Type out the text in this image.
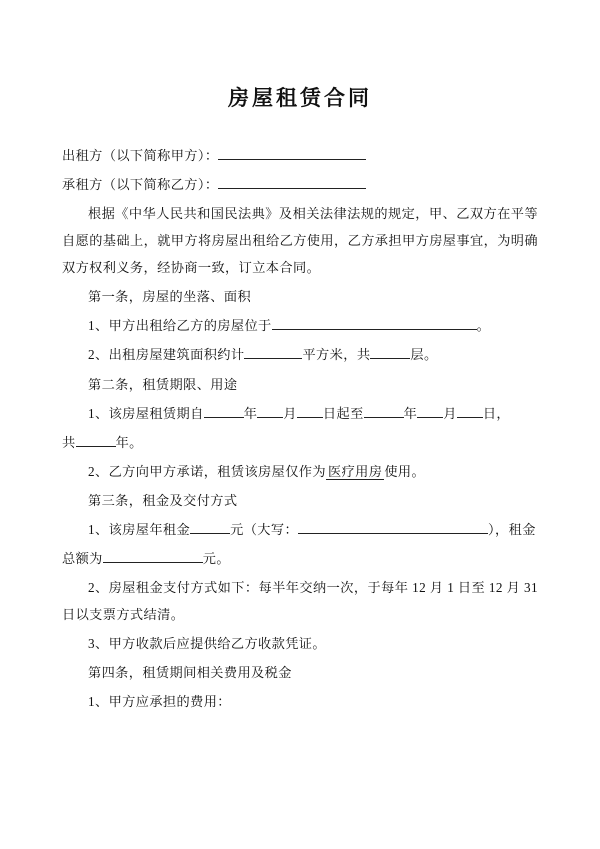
房屋租赁合同

出租方（以下简称甲方）：

承租方（以下简称乙方）：

根据《中华人民共和国民法典》及相关法律法规的规定，甲、乙双方在平等自愿的基础上，就甲方将房屋出租给乙方使用，乙方承担甲方房屋事宜，为明确双方权利义务，经协商一致，订立本合同。

第一条，房屋的坐落、面积

1、甲方出租给乙方的房屋位于	。

2、出租房屋建筑面积约计	平方米，共	层。

第二条，租赁期限、用途

1、该房屋租赁期自	年 月 日起至	年 月 日，

共	年。

2、乙方向甲方承诺，租赁该房屋仅作为 医疗用房 使用。

第三条，租金及交付方式

1、该房屋年租金	元（大写：	），租金

总额为	元。

2、房屋租金支付方式如下：每半年交纳一次，于每年 12 月 1 日至 12 月 31 日以支票方式结清。

3、甲方收款后应提供给乙方收款凭证。

第四条，租赁期间相关费用及税金

1、甲方应承担的费用：
